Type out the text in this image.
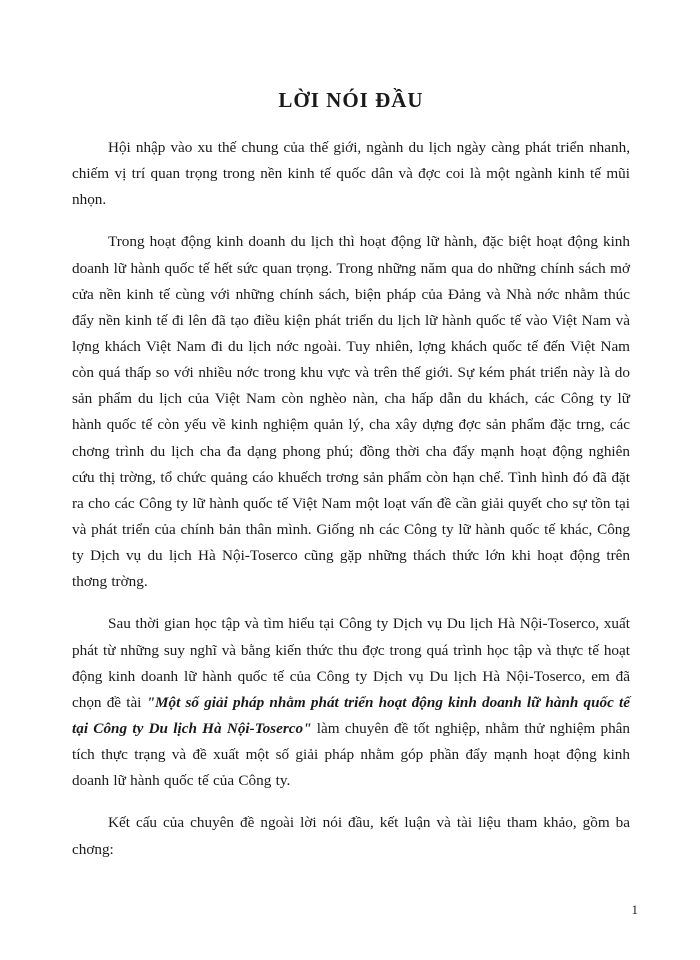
LỜI NÓI ĐẦU

Hội nhập vào xu thế chung của thế giới, ngành du lịch ngày càng phát triển nhanh, chiếm vị trí quan trọng trong nền kinh tế quốc dân và đợc coi là một ngành kinh tế mũi nhọn.

Trong hoạt động kinh doanh du lịch thì hoạt động lữ hành, đặc biệt hoạt động kinh doanh lữ hành quốc tế hết sức quan trọng. Trong những năm qua do những chính sách mở cửa nền kinh tế cùng với những chính sách, biện pháp của Đảng và Nhà nớc nhằm thúc đẩy nền kinh tế đi lên đã tạo điều kiện phát triển du lịch lữ hành quốc tế vào Việt Nam và lợng khách Việt Nam đi du lịch nớc ngoài. Tuy nhiên, lợng khách quốc tế đến Việt Nam còn quá thấp so với nhiều nớc trong khu vực và trên thế giới. Sự kém phát triển này là do sản phẩm du lịch của Việt Nam còn nghèo nàn, cha hấp dẫn du khách, các Công ty lữ hành quốc tế còn yếu về kinh nghiệm quản lý, cha xây dựng đợc sản phẩm đặc trng, các chơng trình du lịch cha đa dạng phong phú; đồng thời cha đẩy mạnh hoạt động nghiên cứu thị trờng, tổ chức quảng cáo khuếch trơng sản phẩm còn hạn chế. Tình hình đó đã đặt ra cho các Công ty lữ hành quốc tế Việt Nam một loạt vấn đề cần giải quyết cho sự tồn tại và phát triển của chính bản thân mình. Giống nh các Công ty lữ hành quốc tế khác, Công ty Dịch vụ du lịch Hà Nội-Toserco cũng gặp những thách thức lớn khi hoạt động trên thơng trờng.

Sau thời gian học tập và tìm hiểu tại Công ty Dịch vụ Du lịch Hà Nội-Toserco, xuất phát từ những suy nghĩ và bằng kiến thức thu đợc trong quá trình học tập và thực tế hoạt động kinh doanh lữ hành quốc tế của Công ty Dịch vụ Du lịch Hà Nội-Toserco, em đã chọn đề tài "Một số giải pháp nhằm phát triển hoạt động kinh doanh lữ hành quốc tế tại Công ty Du lịch Hà Nội-Toserco" làm chuyên đề tốt nghiệp, nhằm thử nghiệm phân tích thực trạng và đề xuất một số giải pháp nhằm góp phần đẩy mạnh hoạt động kinh doanh lữ hành quốc tế của Công ty.

Kết cấu của chuyên đề ngoài lời nói đầu, kết luận và tài liệu tham khảo, gồm ba chơng:

1
